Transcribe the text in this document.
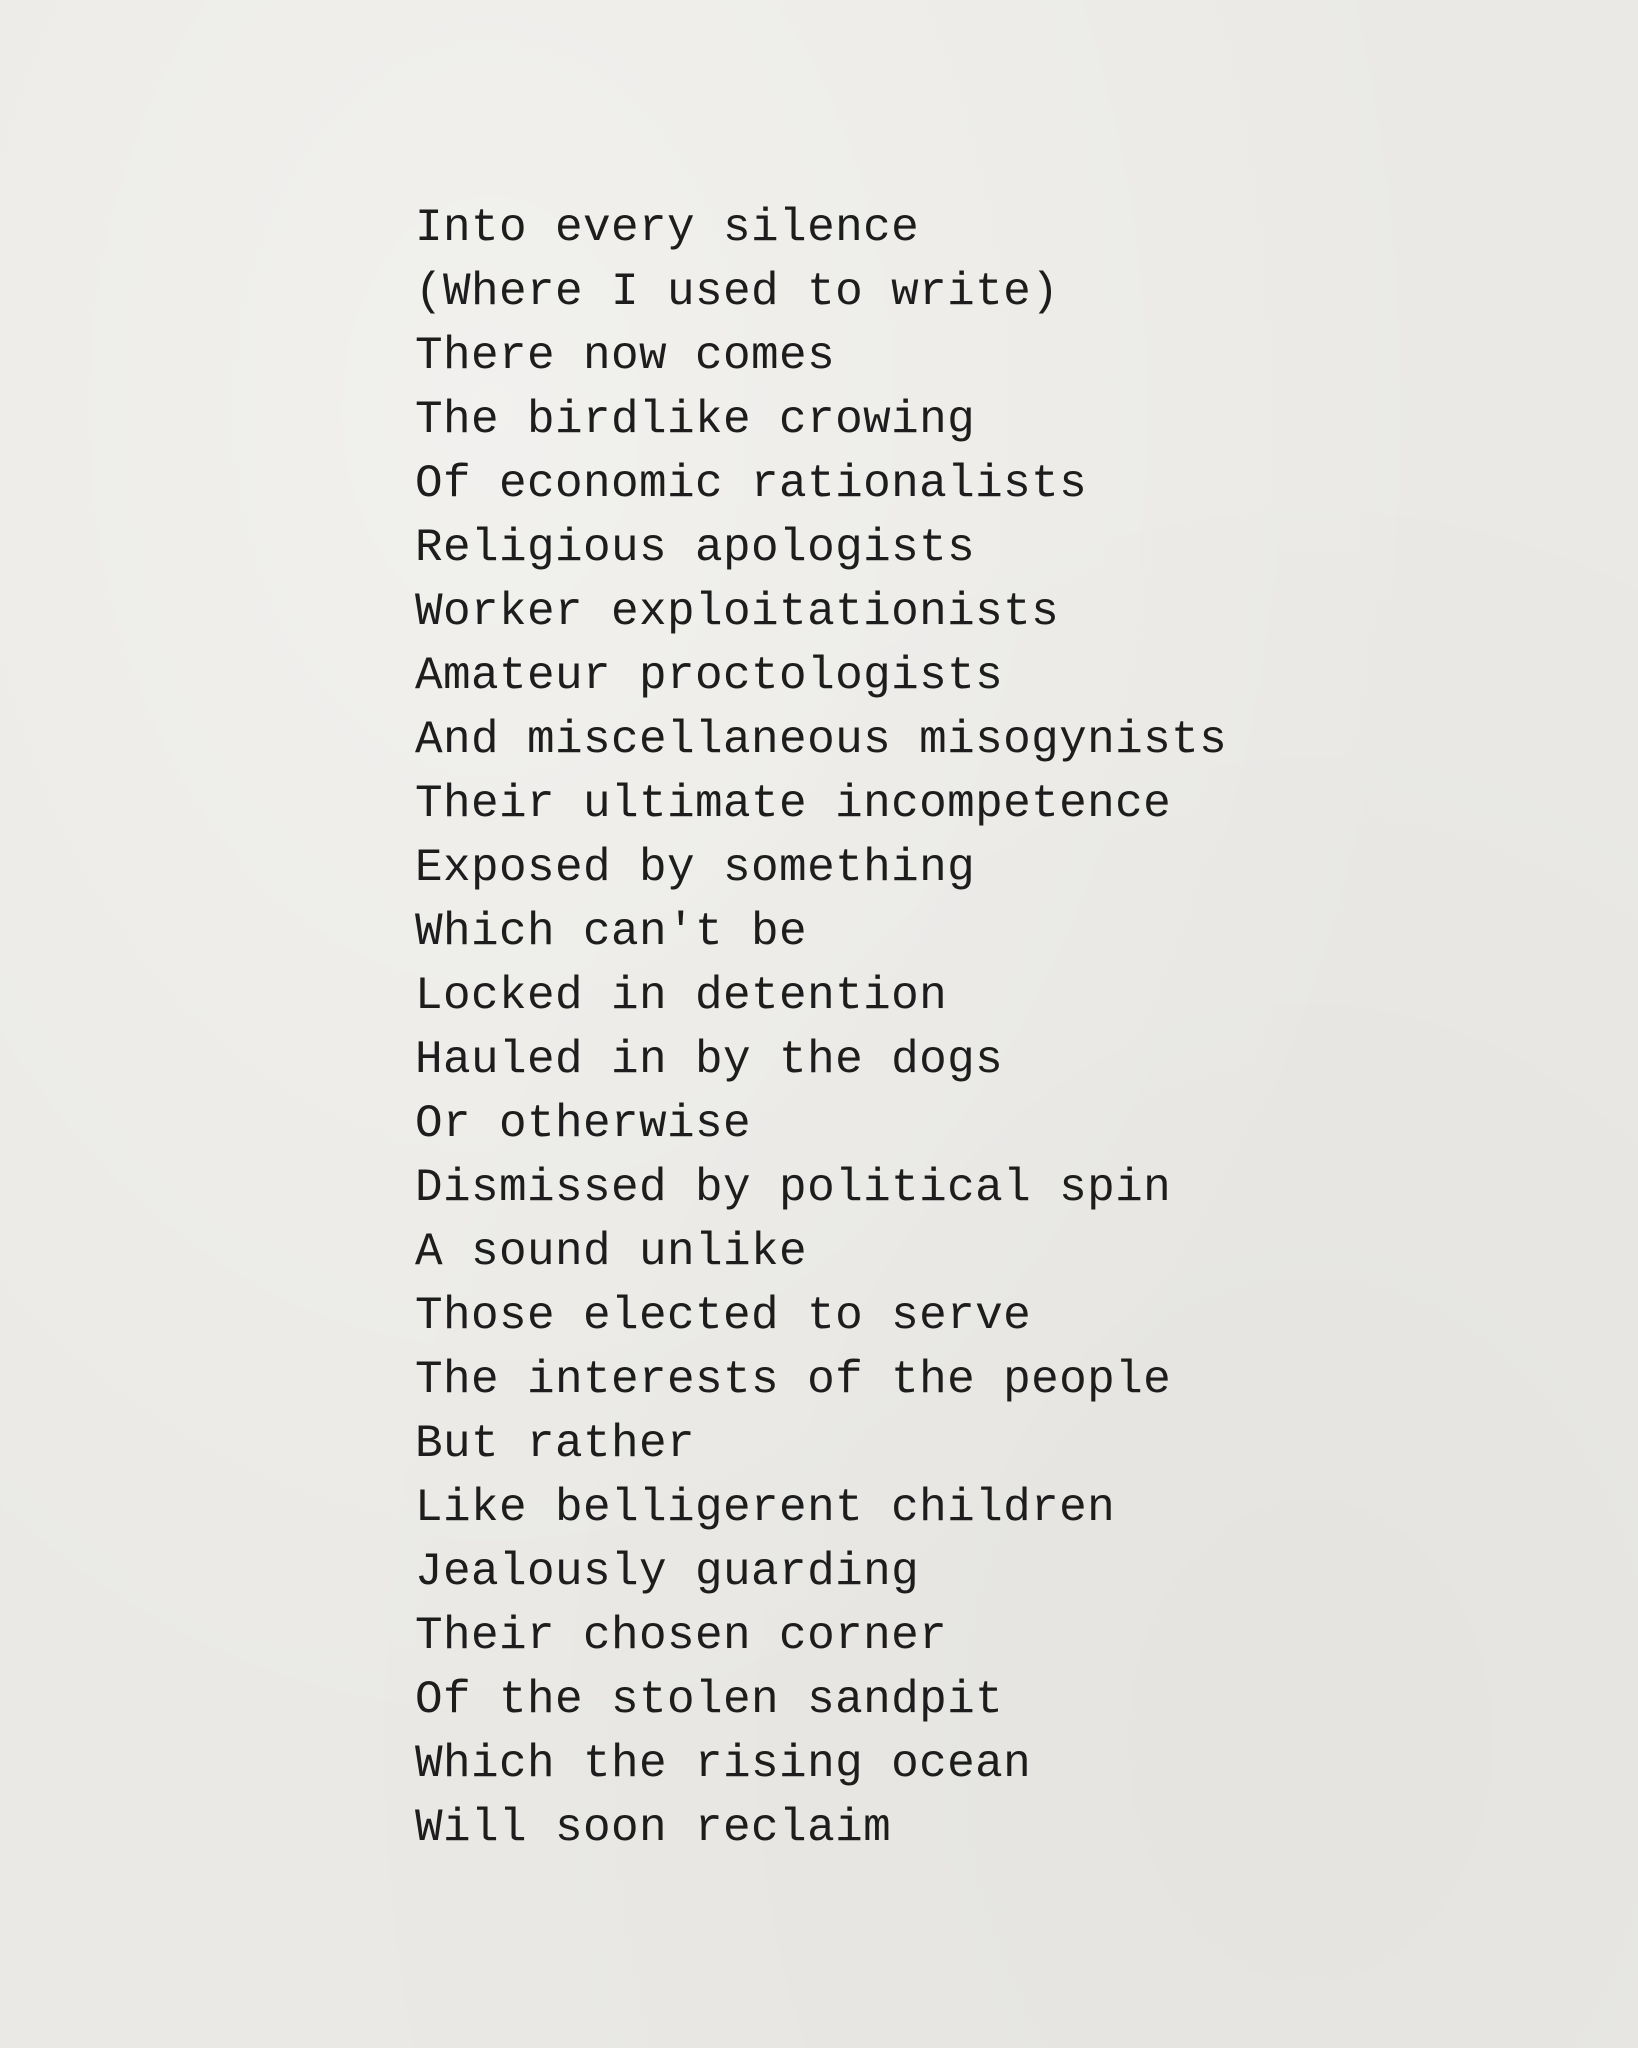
Into every silence
(Where I used to write)
There now comes
The birdlike crowing
Of economic rationalists
Religious apologists
Worker exploitationists
Amateur proctologists
And miscellaneous misogynists
Their ultimate incompetence
Exposed by something
Which can't be
Locked in detention
Hauled in by the dogs
Or otherwise
Dismissed by political spin
A sound unlike
Those elected to serve
The interests of the people
But rather
Like belligerent children
Jealously guarding
Their chosen corner
Of the stolen sandpit
Which the rising ocean
Will soon reclaim
